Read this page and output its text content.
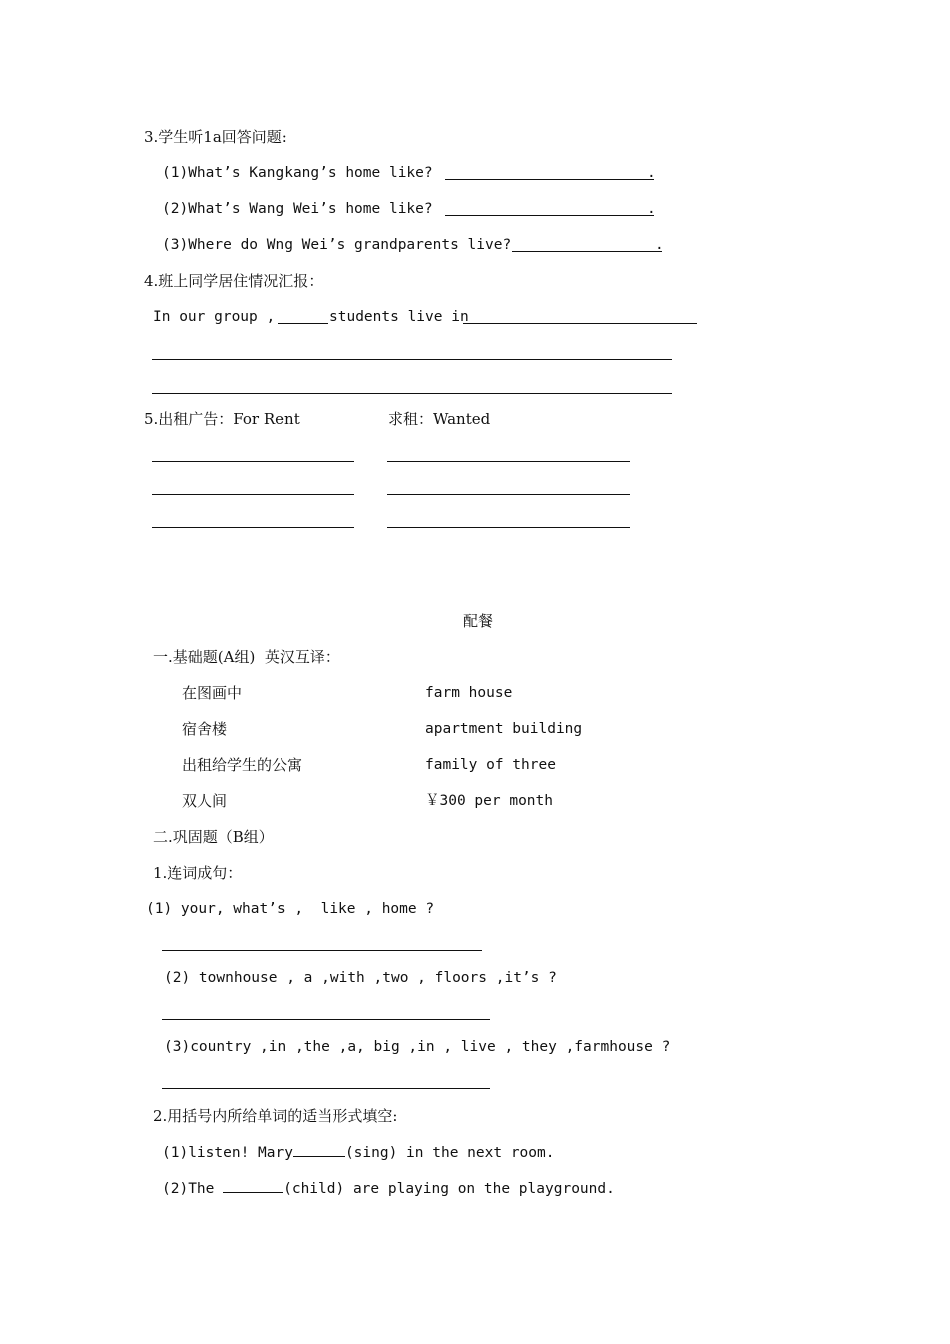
3.学生听1a回答问题:
(1)What’s Kangkang’s home like?	.
(2)What’s Wang Wei’s home like?	.
(3)Where do Wng Wei’s grandparents live?	.
4.班上同学居住情况汇报：
In our group ,	students live in
5.出租广告：For Rent	求租：Wanted
配餐
一.基础题(A组)  英汉互译：
在图画中	farm house
宿舍楼	apartment building
出租给学生的公寓	family of three
双人间	￥300 per month
二.巩固题（B组）
1.连词成句：
(1) your, what’s ,  like , home ?
(2) townhouse , a ,with ,two , floors ,it’s ?
(3)country ,in ,the ,a, big ,in , live , they ,farmhouse ?
2.用括号内所给单词的适当形式填空:
(1)listen! Mary	(sing) in the next room.
(2)The	(child) are playing on the playground.
